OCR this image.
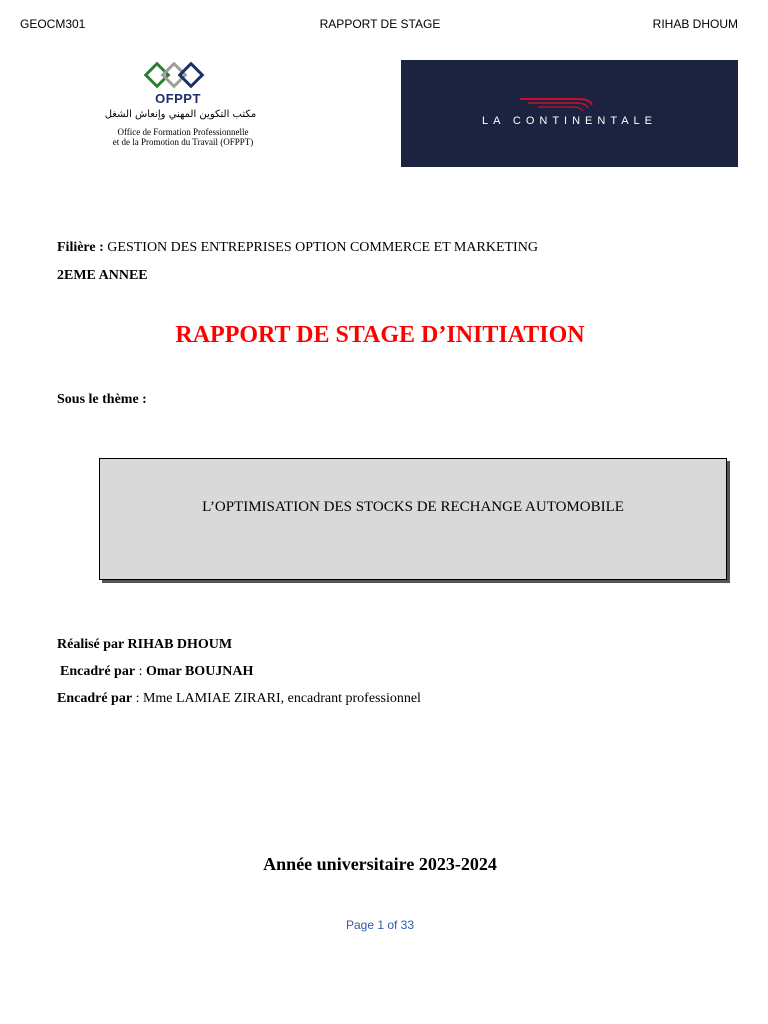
GEOCM301	RAPPORT DE STAGE	RIHAB DHOUM
OFPPT
مكتب التكوين المهني وإنعاش الشغل
Office de Formation Professionnelle
et de la Promotion du Travail (OFPPT)
LA CONTINENTALE
Filière : GESTION DES ENTREPRISES OPTION COMMERCE ET MARKETING
2EME ANNEE
RAPPORT DE STAGE D’INITIATION
Sous le thème :
L’OPTIMISATION DES STOCKS DE RECHANGE AUTOMOBILE
Réalisé par RIHAB DHOUM
Encadré par : Omar BOUJNAH
Encadré par : Mme LAMIAE ZIRARI, encadrant professionnel
Année universitaire 2023-2024
Page 1 of 33
